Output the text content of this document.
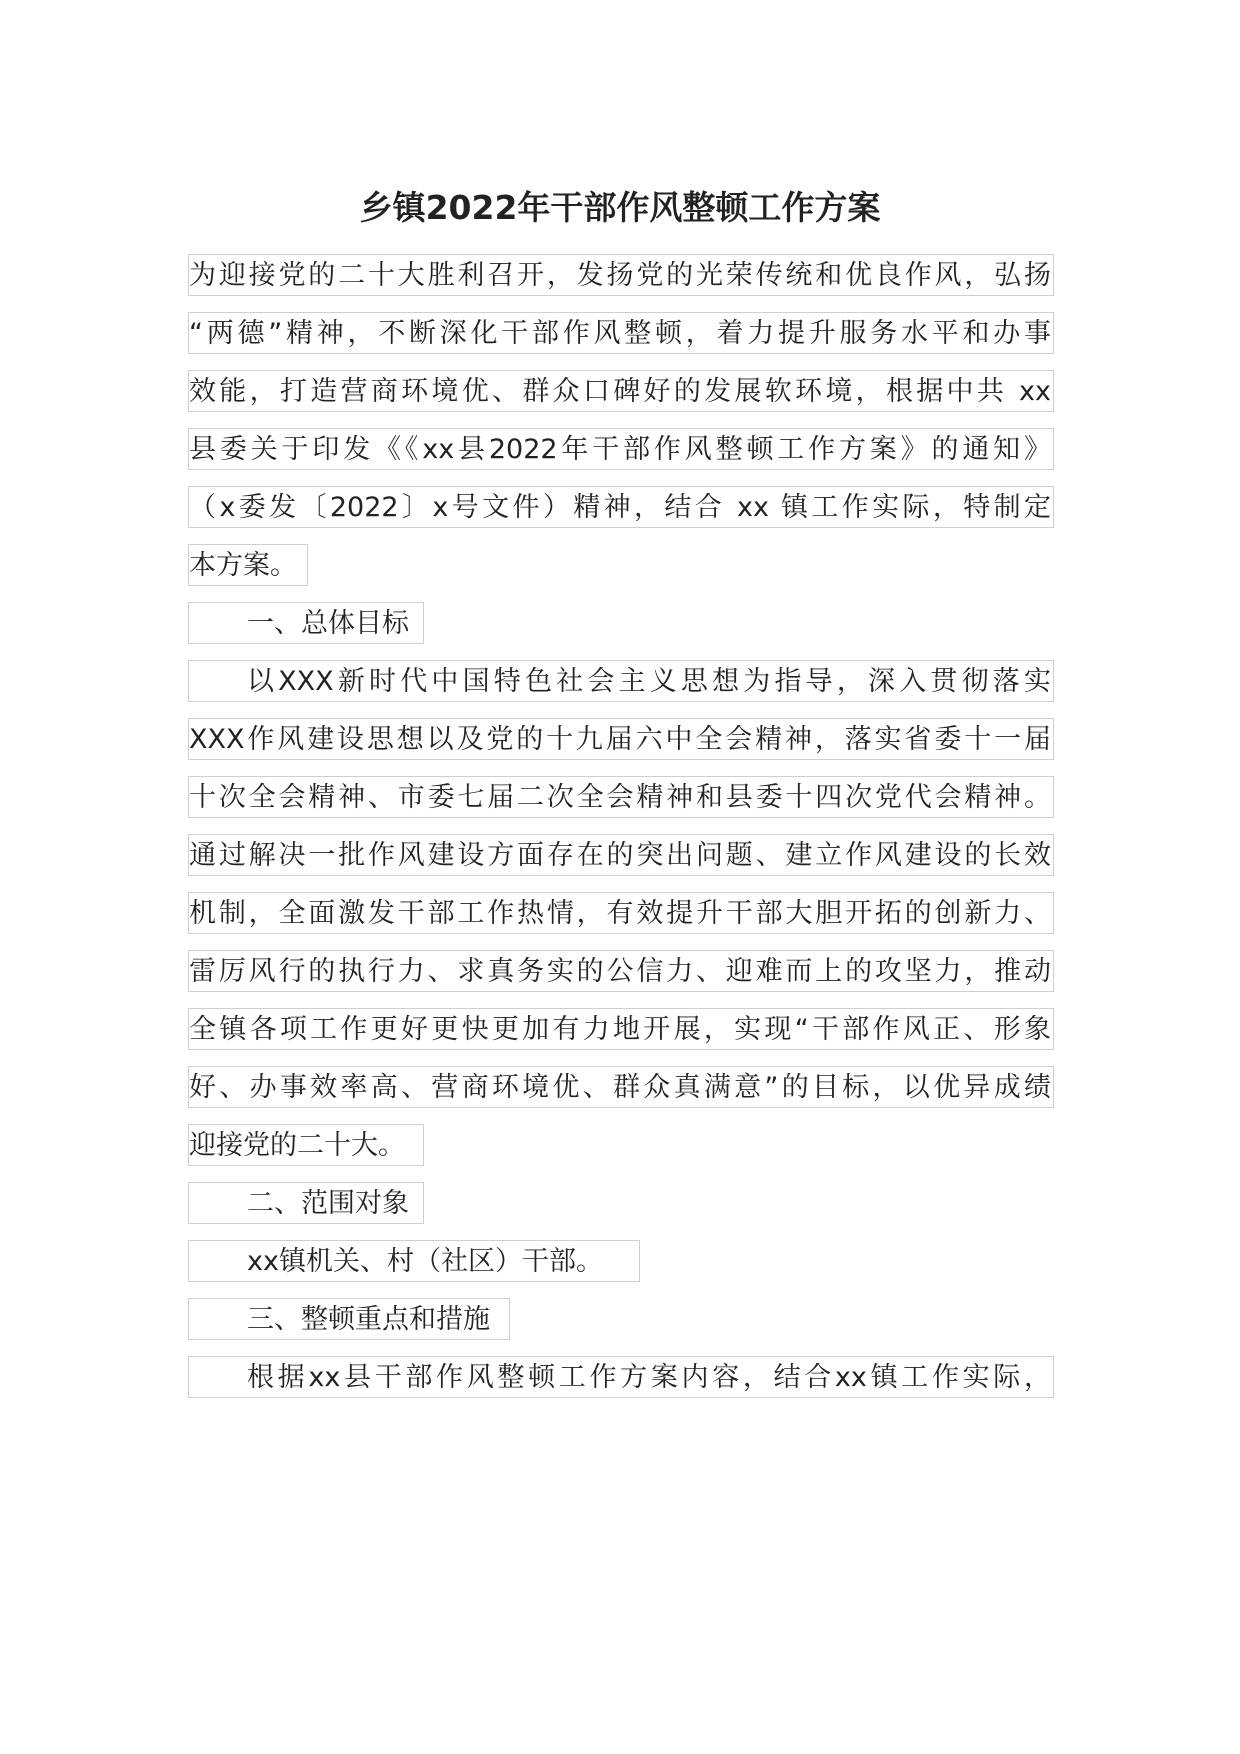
乡镇2022年干部作风整顿工作方案
为迎接党的二十大胜利召开，发扬党的光荣传统和优良作风，弘扬
“两德”精神，不断深化干部作风整顿，着力提升服务水平和办事
效能，打造营商环境优、群众口碑好的发展软环境，根据中共 xx
县委关于印发《《xx县2022年干部作风整顿工作方案》的通知》
（x委发〔2022〕x号文件）精神，结合 xx 镇工作实际，特制定
本方案。
一、总体目标
以XXX新时代中国特色社会主义思想为指导，深入贯彻落实
XXX作风建设思想以及党的十九届六中全会精神，落实省委十一届
十次全会精神、市委七届二次全会精神和县委十四次党代会精神。
通过解决一批作风建设方面存在的突出问题、建立作风建设的长效
机制，全面激发干部工作热情，有效提升干部大胆开拓的创新力、
雷厉风行的执行力、求真务实的公信力、迎难而上的攻坚力，推动
全镇各项工作更好更快更加有力地开展，实现“干部作风正、形象
好、办事效率高、营商环境优、群众真满意”的目标，以优异成绩
迎接党的二十大。
二、范围对象
xx镇机关、村（社区）干部。
三、整顿重点和措施
根据xx县干部作风整顿工作方案内容，结合xx镇工作实际，
